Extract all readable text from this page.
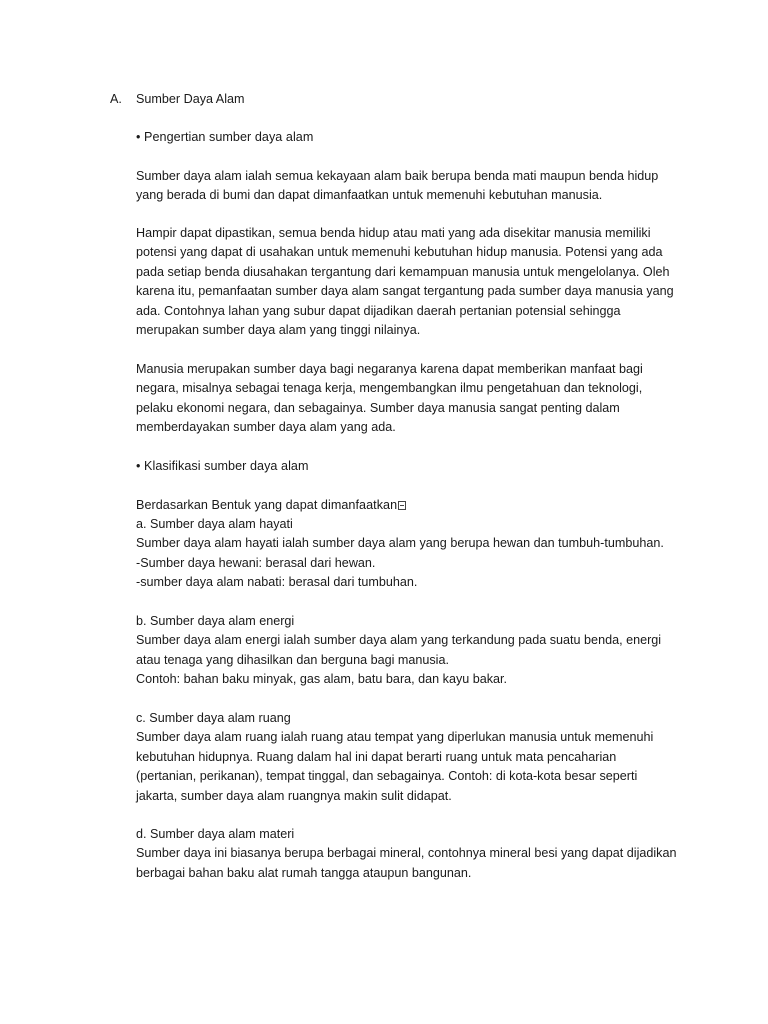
A. Sumber Daya Alam
• Pengertian sumber daya alam
Sumber daya alam ialah semua kekayaan alam baik berupa benda mati maupun benda hidup
yang berada di bumi dan dapat dimanfaatkan untuk memenuhi kebutuhan manusia.
Hampir dapat dipastikan, semua benda hidup atau mati yang ada disekitar manusia memiliki
potensi yang dapat di usahakan untuk memenuhi kebutuhan hidup manusia. Potensi yang ada
pada setiap benda diusahakan tergantung dari kemampuan manusia untuk mengelolanya. Oleh
karena itu, pemanfaatan sumber daya alam sangat tergantung pada sumber daya manusia yang
ada. Contohnya lahan yang subur dapat dijadikan daerah pertanian potensial sehingga
merupakan sumber daya alam yang tinggi nilainya.
Manusia merupakan sumber daya bagi negaranya karena dapat memberikan manfaat bagi
negara, misalnya sebagai tenaga kerja, mengembangkan ilmu pengetahuan dan teknologi,
pelaku ekonomi negara, dan sebagainya. Sumber daya manusia sangat penting dalam
memberdayakan sumber daya alam yang ada.
• Klasifikasi sumber daya alam
Berdasarkan Bentuk yang dapat dimanfaatkan
a. Sumber daya alam hayati
Sumber daya alam hayati ialah sumber daya alam yang berupa hewan dan tumbuh-tumbuhan.
-Sumber daya hewani: berasal dari hewan.
-sumber daya alam nabati: berasal dari tumbuhan.
b. Sumber daya alam energi
Sumber daya alam energi ialah sumber daya alam yang terkandung pada suatu benda, energi
atau tenaga yang dihasilkan dan berguna bagi manusia.
Contoh: bahan baku minyak, gas alam, batu bara, dan kayu bakar.
c. Sumber daya alam ruang
Sumber daya alam ruang ialah ruang atau tempat yang diperlukan manusia untuk memenuhi
kebutuhan hidupnya. Ruang dalam hal ini dapat berarti ruang untuk mata pencaharian
(pertanian, perikanan), tempat tinggal, dan sebagainya. Contoh: di kota-kota besar seperti
jakarta, sumber daya alam ruangnya makin sulit didapat.
d. Sumber daya alam materi
Sumber daya ini biasanya berupa berbagai mineral, contohnya mineral besi yang dapat dijadikan
berbagai bahan baku alat rumah tangga ataupun bangunan.
